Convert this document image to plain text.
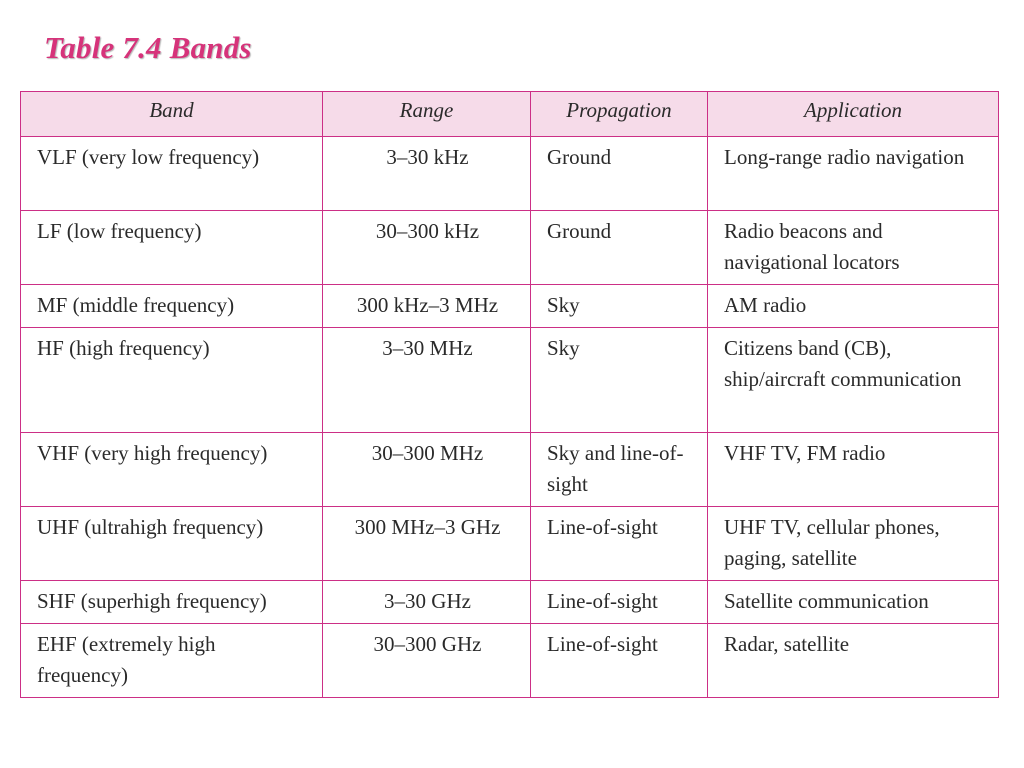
Table 7.4 Bands
Band	Range	Propagation	Application
VLF (very low frequency)	3–30 kHz	Ground	Long-range radio navigation
LF (low frequency)	30–300 kHz	Ground	Radio beacons and navigational locators
MF (middle frequency)	300 kHz–3 MHz	Sky	AM radio
HF (high frequency)	3–30 MHz	Sky	Citizens band (CB), ship/aircraft communication
VHF (very high frequency)	30–300 MHz	Sky and line-of-sight	VHF TV, FM radio
UHF (ultrahigh frequency)	300 MHz–3 GHz	Line-of-sight	UHF TV, cellular phones, paging, satellite
SHF (superhigh frequency)	3–30 GHz	Line-of-sight	Satellite communication
EHF (extremely high frequency)	30–300 GHz	Line-of-sight	Radar, satellite
